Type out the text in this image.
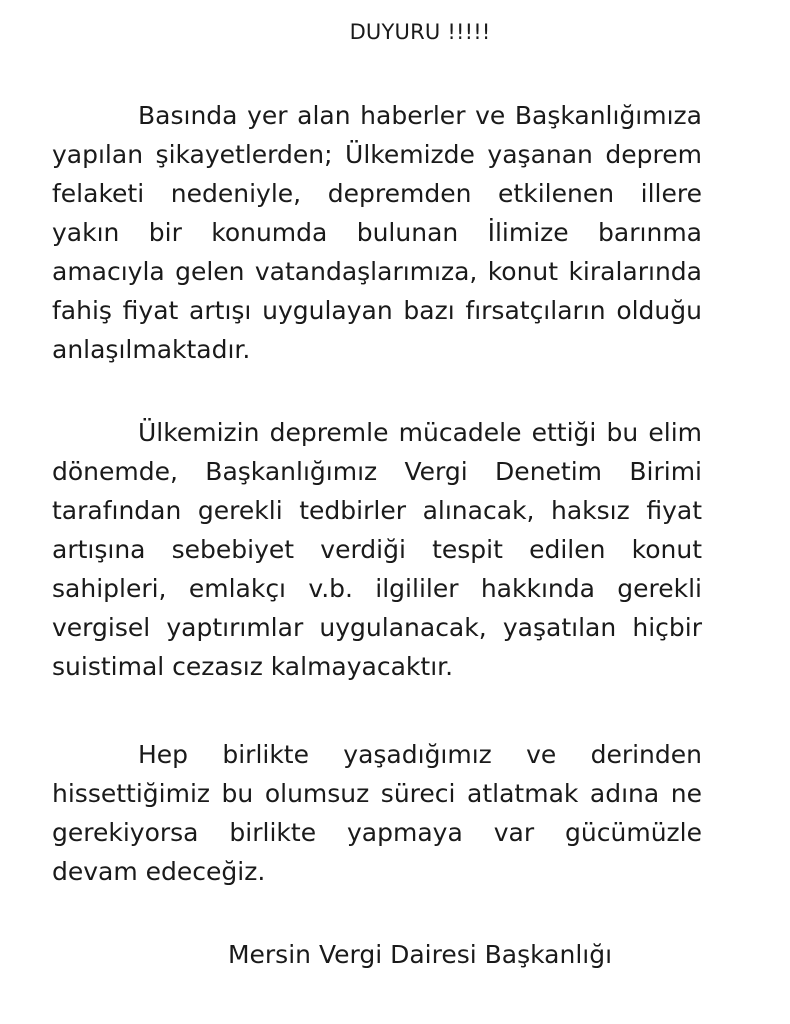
DUYURU !!!!!

Basında yer alan haberler ve Başkanlığımıza yapılan şikayetlerden; Ülkemizde yaşanan deprem felaketi nedeniyle, depremden etkilenen illere yakın bir konumda bulunan İlimize barınma amacıyla gelen vatandaşlarımıza, konut kiralarında fahiş fiyat artışı uygulayan bazı fırsatçıların olduğu anlaşılmaktadır.

Ülkemizin depremle mücadele ettiği bu elim dönemde, Başkanlığımız Vergi Denetim Birimi tarafından gerekli tedbirler alınacak, haksız fiyat artışına sebebiyet verdiği tespit edilen konut sahipleri, emlakçı v.b. ilgililer hakkında gerekli vergisel yaptırımlar uygulanacak, yaşatılan hiçbir suistimal cezasız kalmayacaktır.

Hep birlikte yaşadığımız ve derinden hissettiğimiz bu olumsuz süreci atlatmak adına ne gerekiyorsa birlikte yapmaya var gücümüzle devam edeceğiz.

Mersin Vergi Dairesi Başkanlığı
